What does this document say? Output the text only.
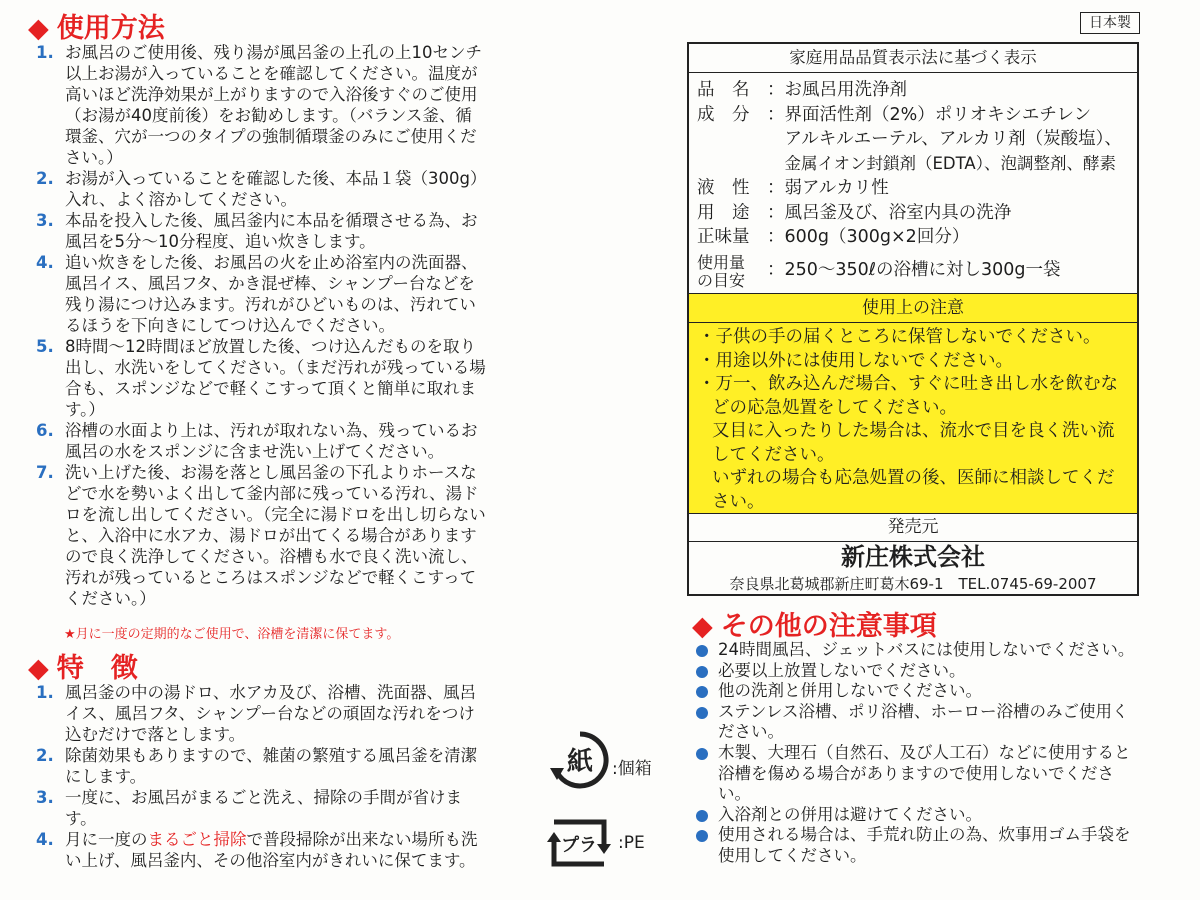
◆ 使用方法
1. お風呂のご使用後、残り湯が風呂釜の上孔の上10センチ以上お湯が入っていることを確認してください。温度が高いほど洗浄効果が上がりますので入浴後すぐのご使用（お湯が40度前後）をお勧めします。（バランス釜、循環釜、穴が一つのタイプの強制循環釜のみにご使用ください。）
2. お湯が入っていることを確認した後、本品１袋（300g）入れ、よく溶かしてください。
3. 本品を投入した後、風呂釜内に本品を循環させる為、お風呂を5分～10分程度、追い炊きします。
4. 追い炊きをした後、お風呂の火を止め浴室内の洗面器、風呂イス、風呂フタ、かき混ぜ棒、シャンプー台などを残り湯につけ込みます。汚れがひどいものは、汚れているほうを下向きにしてつけ込んでください。
5. 8時間～12時間ほど放置した後、つけ込んだものを取り出し、水洗いをしてください。（まだ汚れが残っている場合も、スポンジなどで軽くこすって頂くと簡単に取れます。）
6. 浴槽の水面より上は、汚れが取れない為、残っているお風呂の水をスポンジに含ませ洗い上げてください。
7. 洗い上げた後、お湯を落とし風呂釜の下孔よりホースなどで水を勢いよく出して釜内部に残っている汚れ、湯ドロを流し出してください。（完全に湯ドロを出し切らないと、入浴中に水アカ、湯ドロが出てくる場合がありますので良く洗浄してください。浴槽も水で良く洗い流し、汚れが残っているところはスポンジなどで軽くこすってください。）
★月に一度の定期的なご使用で、浴槽を清潔に保てます。
◆ 特　徴
1. 風呂釜の中の湯ドロ、水アカ及び、浴槽、洗面器、風呂イス、風呂フタ、シャンプー台などの頑固な汚れをつけ込むだけで落とします。
2. 除菌効果もありますので、雑菌の繁殖する風呂釜を清潔にします。
3. 一度に、お風呂がまるごと洗え、掃除の手間が省けます。
4. 月に一度のまるごと掃除で普段掃除が出来ない場所も洗い上げ、風呂釜内、その他浴室内がきれいに保てます。
紙 :個箱
プラ :PE
日本製
家庭用品品質表示法に基づく表示
品　名	： お風呂用洗浄剤
成　分	： 界面活性剤（2%）ポリオキシエチレン
アルキルエーテル、アルカリ剤（炭酸塩）、
金属イオン封鎖剤（EDTA）、泡調整剤、酵素
液　性	： 弱アルカリ性
用　途	： 風呂釜及び、浴室内具の洗浄
正味量	： 600g（300g×2回分）
使用量
の目安
：250～350ℓの浴槽に対し300g一袋
使用上の注意
・子供の手の届くところに保管しないでください。
・用途以外には使用しないでください。
・万一、飲み込んだ場合、すぐに吐き出し水を飲むなどの応急処置をしてください。
又目に入ったりした場合は、流水で目を良く洗い流してください。
いずれの場合も応急処置の後、医師に相談してください。
発売元
新庄株式会社
奈良県北葛城郡新庄町葛木69-1　TEL.0745-69-2007
◆ その他の注意事項
24時間風呂、ジェットバスには使用しないでください。
必要以上放置しないでください。
他の洗剤と併用しないでください。
ステンレス浴槽、ポリ浴槽、ホーロー浴槽のみご使用ください。
木製、大理石（自然石、及び人工石）などに使用すると浴槽を傷める場合がありますので使用しないでください。
入浴剤との併用は避けてください。
使用される場合は、手荒れ防止の為、炊事用ゴム手袋を使用してください。
